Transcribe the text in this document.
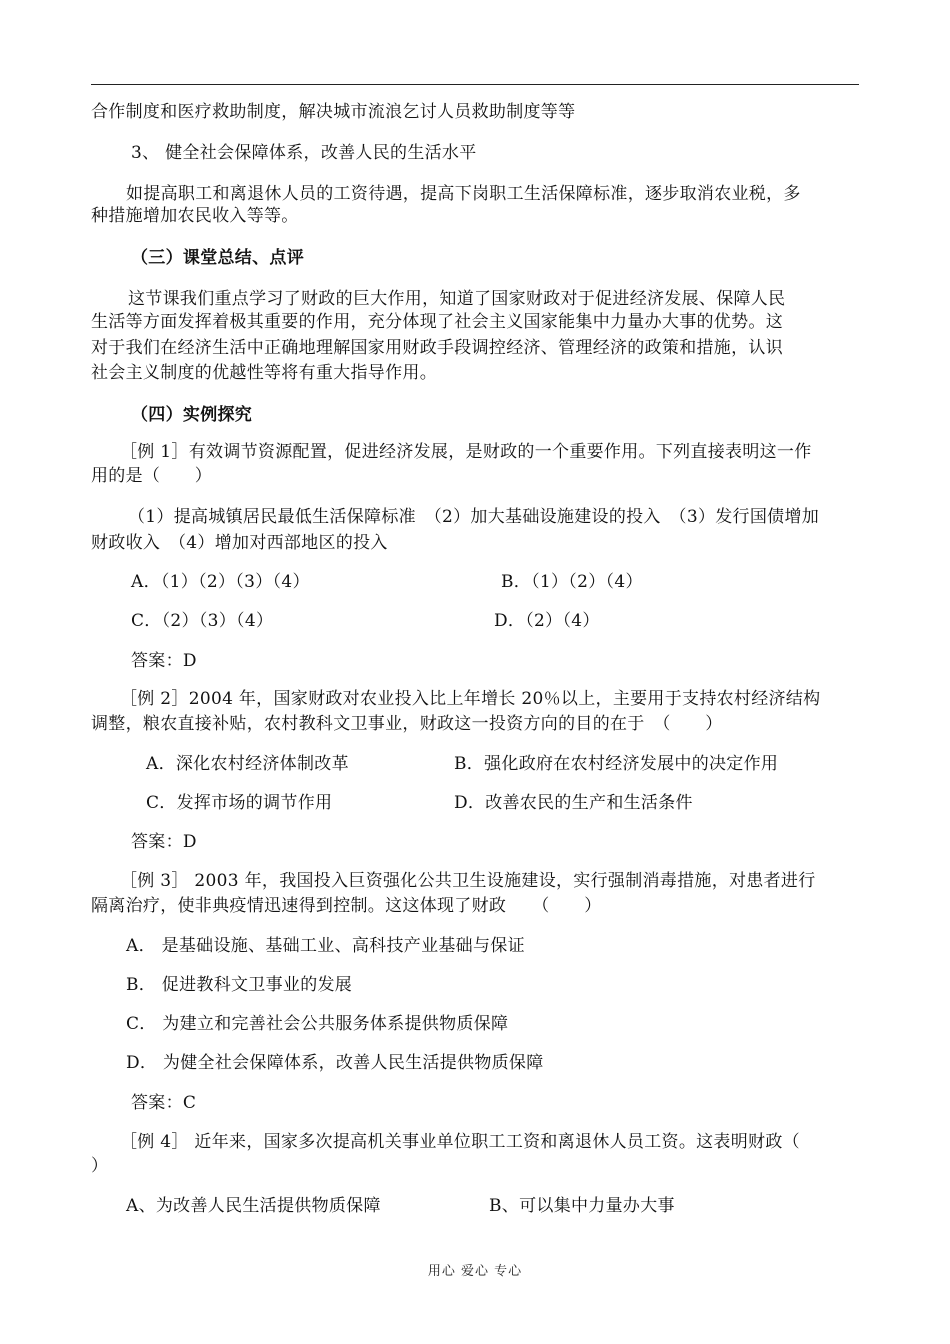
合作制度和医疗救助制度，解决城市流浪乞讨人员救助制度等等
3、 健全社会保障体系，改善人民的生活水平
如提高职工和离退休人员的工资待遇，提高下岗职工生活保障标准，逐步取消农业税，多
种措施增加农民收入等等。
（三）课堂总结、点评
这节课我们重点学习了财政的巨大作用，知道了国家财政对于促进经济发展、保障人民
生活等方面发挥着极其重要的作用，充分体现了社会主义国家能集中力量办大事的优势。这
对于我们在经济生活中正确地理解国家用财政手段调控经济、管理经济的政策和措施，认识
社会主义制度的优越性等将有重大指导作用。
（四）实例探究
［例 1］有效调节资源配置，促进经济发展，是财政的一个重要作用。下列直接表明这一作
用的是（　　）
（1）提高城镇居民最低生活保障标准　（2）加大基础设施建设的投入　（3）发行国债增加
财政收入　（4）增加对西部地区的投入
A．（1）（2）（3）（4）	B．（1）（2）（4）
C．（2）（3）（4）	D．（2）（4）
答案：D
［例 2］2004 年，国家财政对农业投入比上年增长 20％以上，主要用于支持农村经济结构
调整，粮农直接补贴，农村教科文卫事业，财政这一投资方向的目的在于　（　　）
A．深化农村经济体制改革	B．强化政府在农村经济发展中的决定作用
C．发挥市场的调节作用	D．改善农民的生产和生活条件
答案：D
［例 3］ 2003 年，我国投入巨资强化公共卫生设施建设，实行强制消毒措施，对患者进行
隔离治疗，使非典疫情迅速得到控制。这这体现了财政　　（　　）
A． 是基础设施、基础工业、高科技产业基础与保证
B． 促进教科文卫事业的发展
C． 为建立和完善社会公共服务体系提供物质保障
D． 为健全社会保障体系，改善人民生活提供物质保障
答案：C
［例 4］ 近年来，国家多次提高机关事业单位职工工资和离退休人员工资。这表明财政（
）
A、为改善人民生活提供物质保障	B、可以集中力量办大事
用心 爱心 专心
